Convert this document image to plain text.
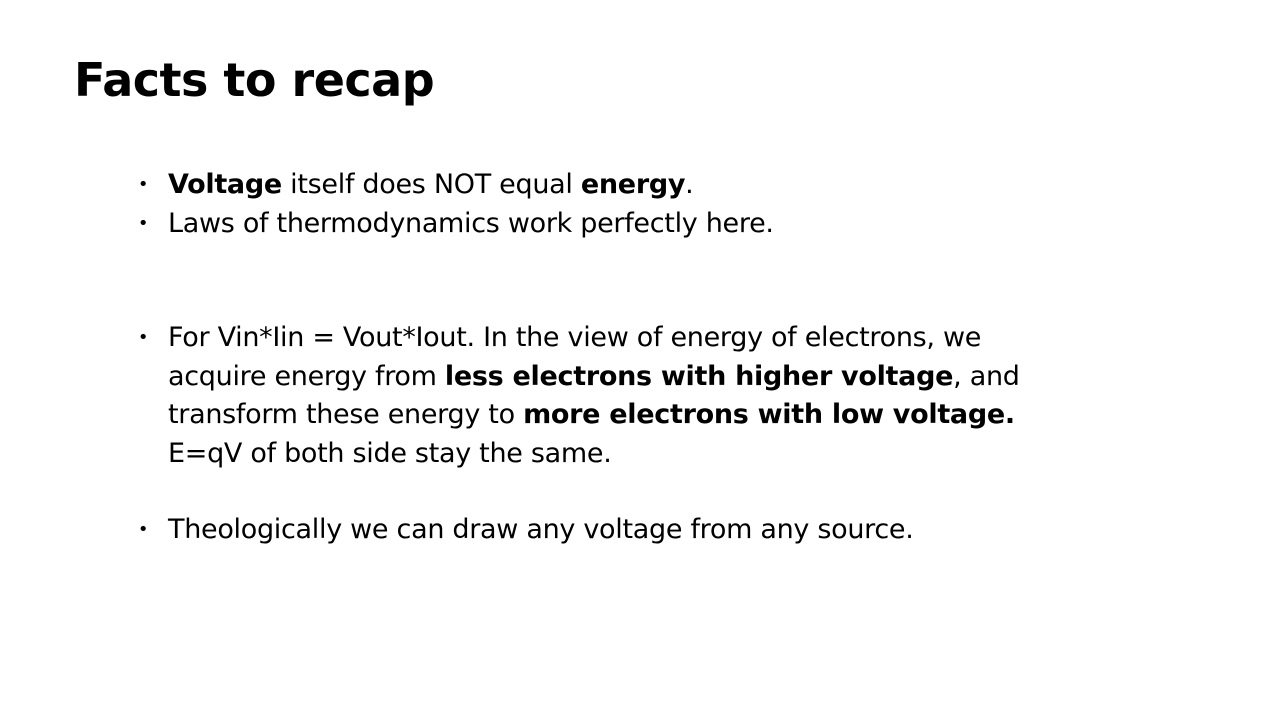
Facts to recap
• Voltage itself does NOT equal energy.
• Laws of thermodynamics work perfectly here.
• For Vin*Iin = Vout*Iout. In the view of energy of electrons, we
acquire energy from less electrons with higher voltage, and
transform these energy to more electrons with low voltage.
E=qV of both side stay the same.
• Theologically we can draw any voltage from any source.
